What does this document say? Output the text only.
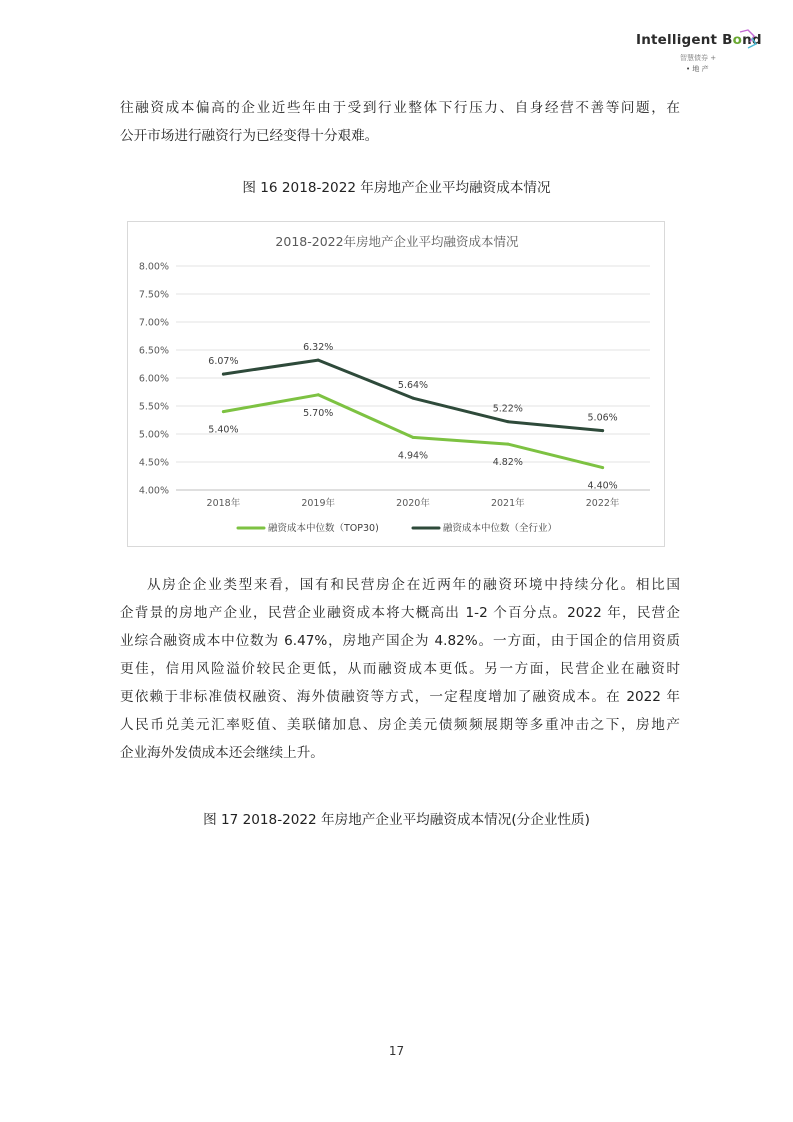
Intelligent Bond
智慧债券 +
• 地 产
往融资成本偏高的企业近些年由于受到行业整体下行压力、自身经营不善等问题，在
公开市场进行融资行为已经变得十分艰难。
图 16 2018-2022 年房地产企业平均融资成本情况
2018-2022年房地产企业平均融资成本情况
8.00%
7.50%
7.00%
6.50%
6.00%
5.50%
5.00%
4.50%
4.00%
2018年	2019年	2020年	2021年	2022年
5.40%
5.70%
4.94%
4.82%
4.40%
6.07%
6.32%
5.64%
5.22%
5.06%
融资成本中位数（TOP30)	融资成本中位数（全行业）
从房企企业类型来看，国有和民营房企在近两年的融资环境中持续分化。相比国
企背景的房地产企业，民营企业融资成本将大概高出 1-2 个百分点。2022 年，民营企
业综合融资成本中位数为 6.47%，房地产国企为 4.82%。一方面，由于国企的信用资质
更佳，信用风险溢价较民企更低，从而融资成本更低。另一方面，民营企业在融资时
更依赖于非标准债权融资、海外债融资等方式，一定程度增加了融资成本。在 2022 年
人民币兑美元汇率贬值、美联储加息、房企美元债频频展期等多重冲击之下，房地产
企业海外发债成本还会继续上升。
图 17 2018-2022 年房地产企业平均融资成本情况(分企业性质)
17
